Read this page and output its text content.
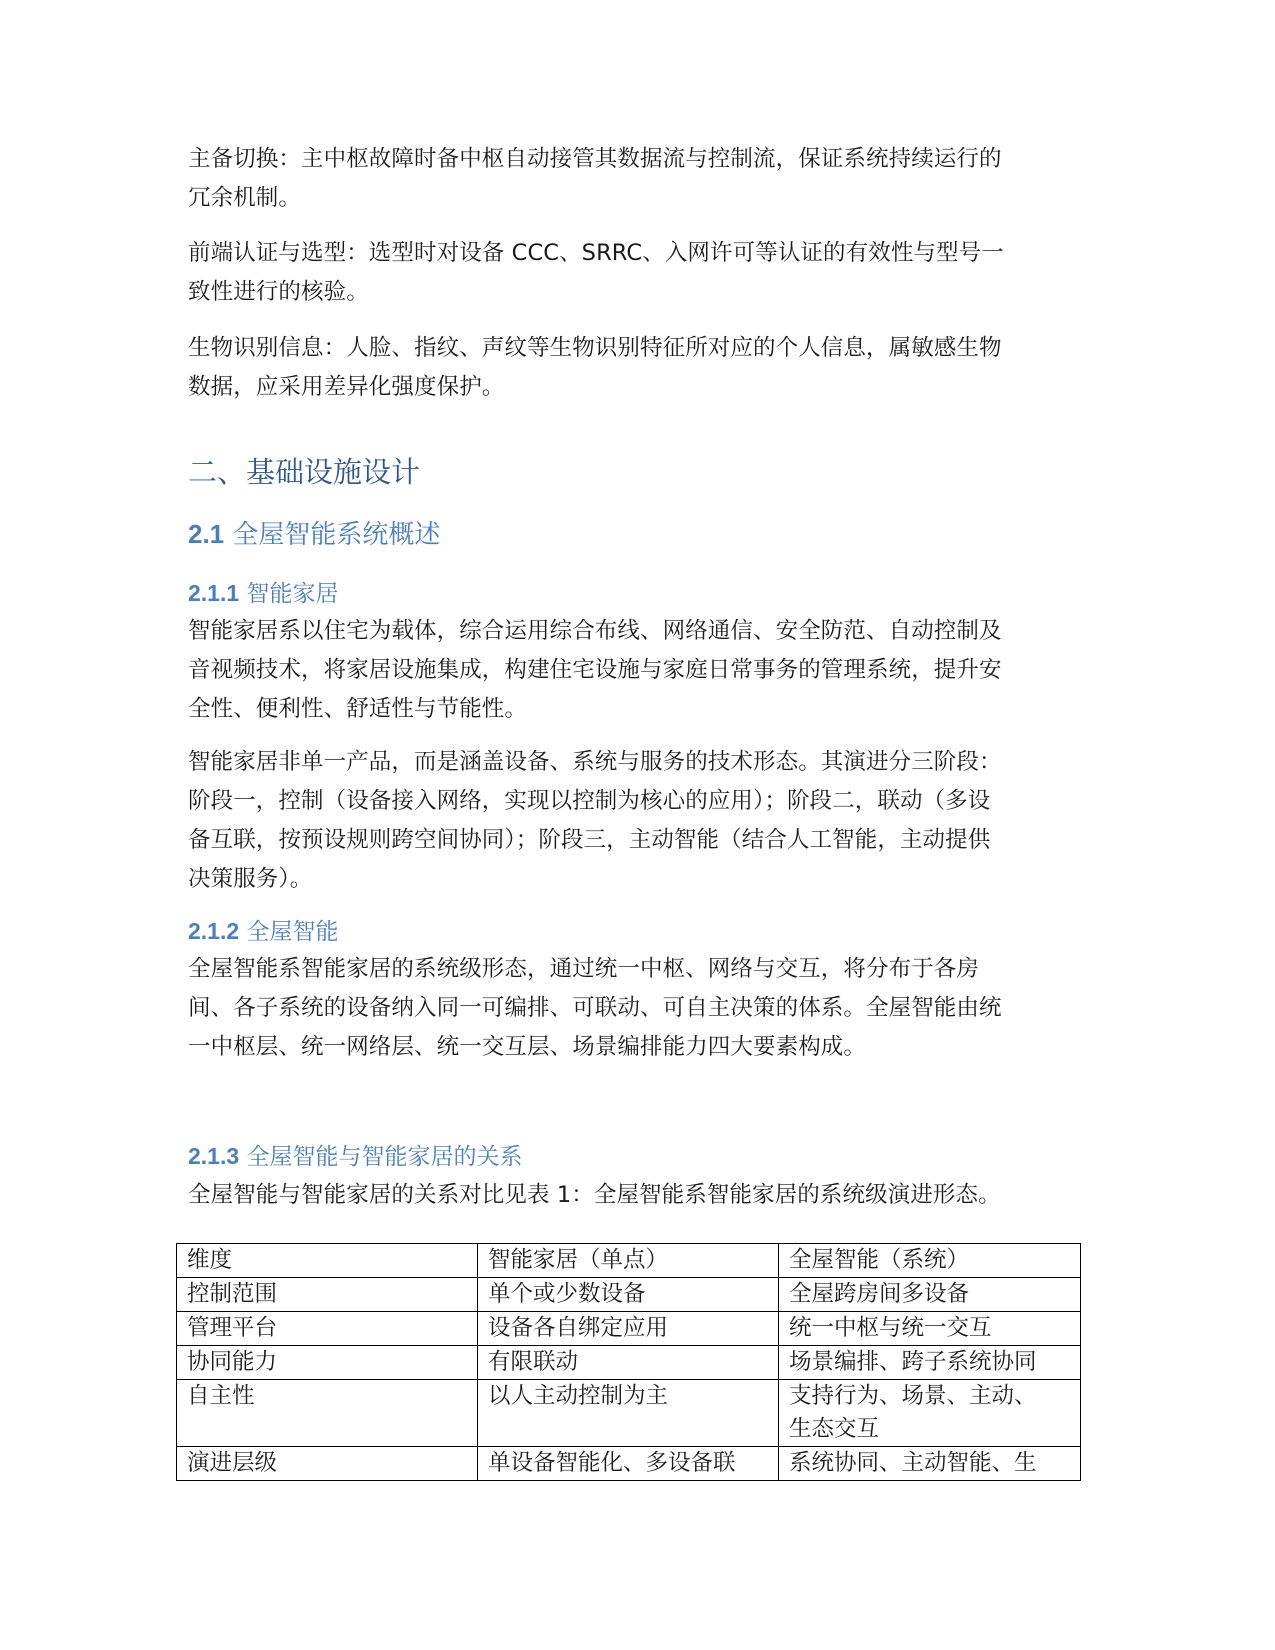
主备切换：主中枢故障时备中枢自动接管其数据流与控制流，保证系统持续运行的
冗余机制。

前端认证与选型：选型时对设备 CCC、SRRC、入网许可等认证的有效性与型号一
致性进行的核验。

生物识别信息：人脸、指纹、声纹等生物识别特征所对应的个人信息，属敏感生物
数据，应采用差异化强度保护。

二、基础设施设计
2.1 全屋智能系统概述
2.1.1 智能家居

智能家居系以住宅为载体，综合运用综合布线、网络通信、安全防范、自动控制及
音视频技术，将家居设施集成，构建住宅设施与家庭日常事务的管理系统，提升安
全性、便利性、舒适性与节能性。

智能家居非单一产品，而是涵盖设备、系统与服务的技术形态。其演进分三阶段：
阶段一，控制（设备接入网络，实现以控制为核心的应用）；阶段二，联动（多设
备互联，按预设规则跨空间协同）；阶段三，主动智能（结合人工智能，主动提供
决策服务）。

2.1.2 全屋智能

全屋智能系智能家居的系统级形态，通过统一中枢、网络与交互，将分布于各房
间、各子系统的设备纳入同一可编排、可联动、可自主决策的体系。全屋智能由统
一中枢层、统一网络层、统一交互层、场景编排能力四大要素构成。

2.1.3 全屋智能与智能家居的关系

全屋智能与智能家居的关系对比见表 1：全屋智能系智能家居的系统级演进形态。

维度	智能家居（单点）	全屋智能（系统）
控制范围	单个或少数设备	全屋跨房间多设备
管理平台	设备各自绑定应用	统一中枢与统一交互
协同能力	有限联动	场景编排、跨子系统协同
自主性	以人主动控制为主	支持行为、场景、主动、
生态交互
演进层级	单设备智能化、多设备联	系统协同、主动智能、生
